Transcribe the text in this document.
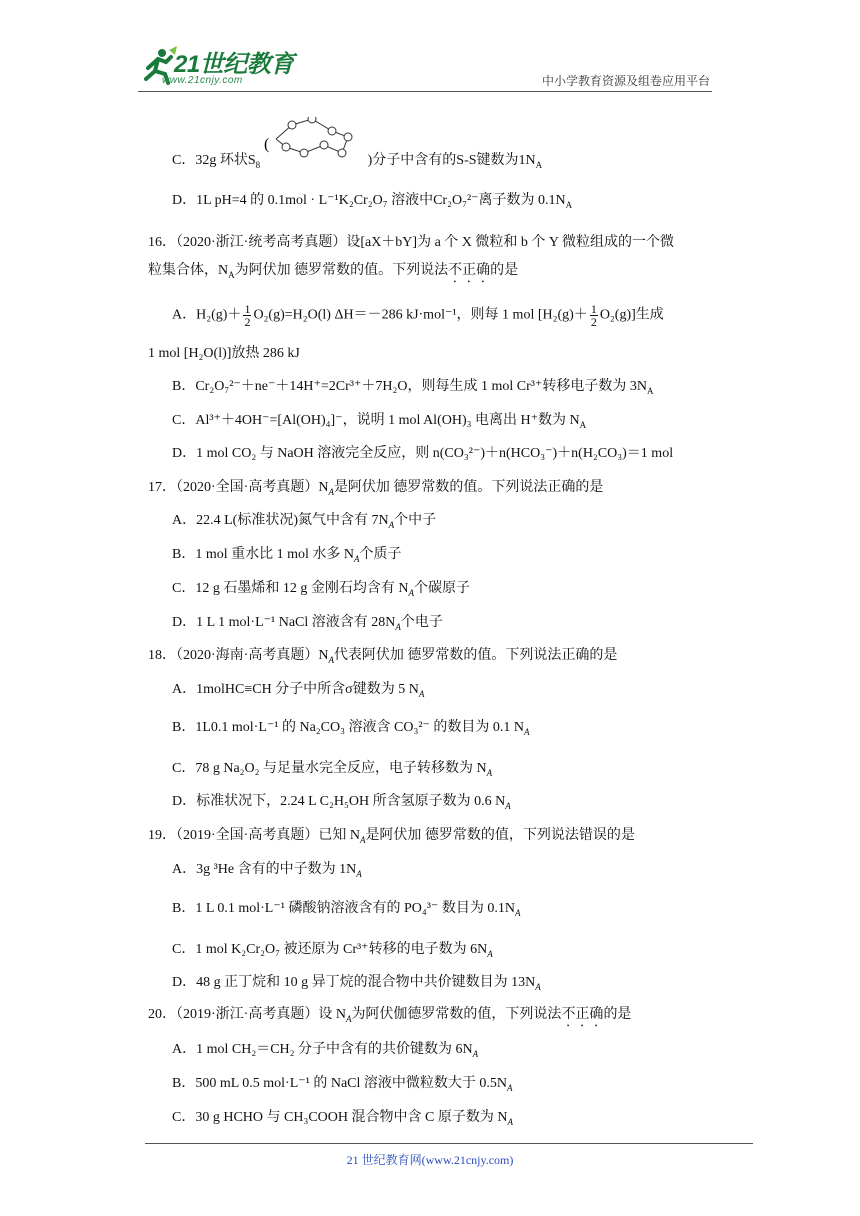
21世纪教育
www.21cnjy.com	中小学教育资源及组卷应用平台
C．32g 环状$S_8$
(
)分子中含有的S-S键数为$1N_A$
D．1L pH=4 的 0.1mol · L⁻¹K₂Cr₂O₇ 溶液中Cr₂O₇²⁻离子数为 $0.1N_A$
16．（2020·浙江·统考高考真题）设[aX＋bY]为 a 个 X 微粒和 b 个 Y 微粒组成的一个微
粒集合体，$N_A$为阿伏加 德罗常数的值。下列说法不正确的是
A．$H_2(g)+ \frac{1}{2} O_2(g)=H_2O(l)$ ΔH＝－286 kJ·mol⁻¹，则每 1 mol $[H_2(g)+ \frac{1}{2} O_2(g)]$生成
1 mol [H₂O(l)]放热 286 kJ
B．Cr₂O₇²⁻＋ne⁻＋14H⁺=2Cr³⁺＋7H₂O，则每生成 1 mol Cr³⁺转移电子数为 $3N_A$
C．Al³⁺＋4OH⁻=[Al(OH)₄]⁻，说明 1 mol Al(OH)₃ 电离出 H⁺数为 $N_A$
D．1 mol CO₂ 与 NaOH 溶液完全反应，则 n(CO₃²⁻)＋n(HCO₃⁻)＋n(H₂CO₃)＝1 mol
17．（2020·全国·高考真题）$N_A$是阿伏加 德罗常数的值。下列说法正确的是
A．22.4 L(标准状况)氮气中含有 $7N_A$个中子
B．1 mol 重水比 1 mol 水多 $N_A$个质子
C．12 g 石墨烯和 12 g 金刚石均含有 $N_A$个碳原子
D．1 L 1 mol·L⁻¹ NaCl 溶液含有 $28N_A$个电子
18．（2020·海南·高考真题）$N_A$代表阿伏加 德罗常数的值。下列说法正确的是
A．1molHC≡CH 分子中所含σ键数为 5 $N_A$
B．1L0.1 mol·L⁻¹ 的 Na₂CO₃ 溶液含 CO₃²⁻ 的数目为 0.1 $N_A$
C．78 g Na₂O₂ 与足量水完全反应，电子转移数为 $N_A$
D．标准状况下，2.24 L C₂H₅OH 所含氢原子数为 0.6 $N_A$
19．（2019·全国·高考真题）已知 $N_A$是阿伏加 德罗常数的值，下列说法错误的是
A．3g ³He 含有的中子数为 $1N_A$
B．1 L 0.1 mol·L⁻¹ 磷酸钠溶液含有的 PO₄³⁻ 数目为 $0.1N_A$
C．1 mol K₂Cr₂O₇ 被还原为 Cr³⁺转移的电子数为 $6N_A$
D．48 g 正丁烷和 10 g 异丁烷的混合物中共价键数目为 $13N_A$
20．（2019·浙江·高考真题）设 $N_A$为阿伏伽德罗常数的值，下列说法不正确的是
A．1 mol CH₂＝CH₂ 分子中含有的共价键数为 $6N_A$
B．500 mL 0.5 mol·L⁻¹ 的 NaCl 溶液中微粒数大于 $0.5N_A$
C．30 g HCHO 与 CH₃COOH 混合物中含 C 原子数为 $N_A$
21 世纪教育网(www.21cnjy.com)
